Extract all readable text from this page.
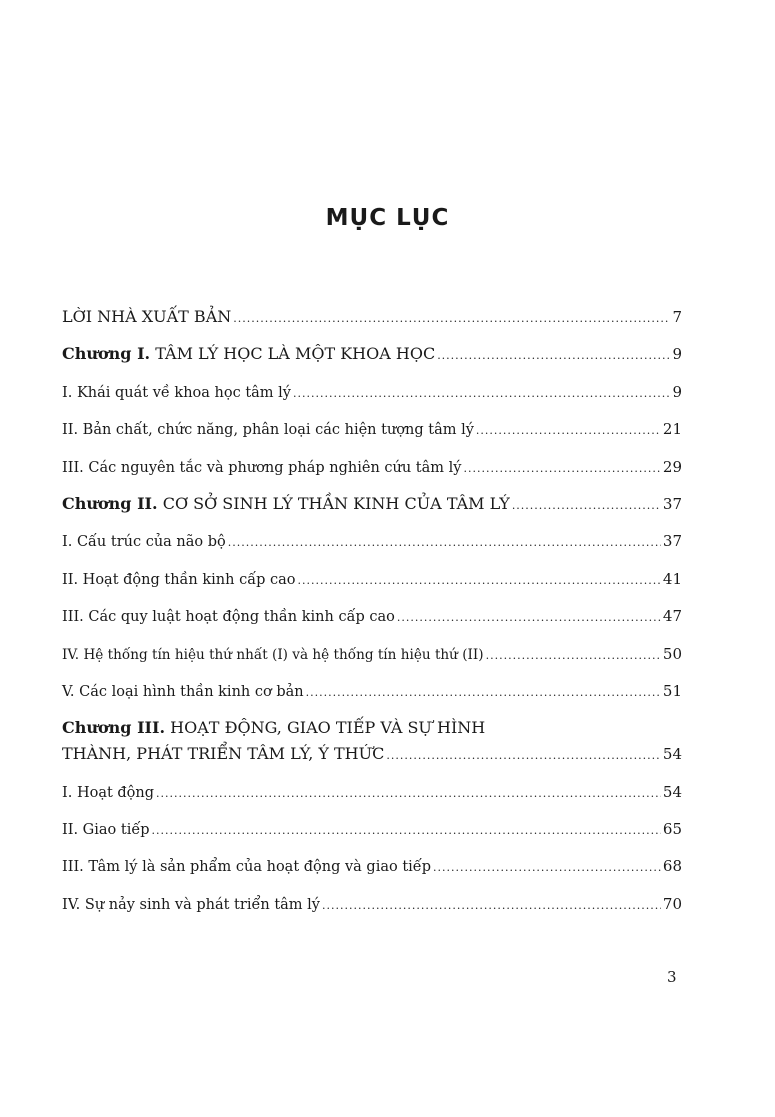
MỤC LỤC
LỜI NHÀ XUẤT BẢN .....	7
Chương I. TÂM LÝ HỌC LÀ MỘT KHOA HỌC .....	9
I. Khái quát về khoa học tâm lý .....	9
II. Bản chất, chức năng, phân loại các hiện tượng tâm lý .....	21
III. Các nguyên tắc và phương pháp nghiên cứu tâm lý .....	29
Chương II. CƠ SỞ SINH LÝ THẦN KINH CỦA TÂM LÝ .....	37
I. Cấu trúc của não bộ .....	37
II. Hoạt động thần kinh cấp cao .....	41
III. Các quy luật hoạt động thần kinh cấp cao .....	47
IV. Hệ thống tín hiệu thứ nhất (I) và hệ thống tín hiệu thứ (II) .....	50
V. Các loại hình thần kinh cơ bản .....	51
Chương III. HOẠT ĐỘNG, GIAO TIẾP VÀ SỰ HÌNH
THÀNH, PHÁT TRIỂN TÂM LÝ, Ý THỨC .....	54
I. Hoạt động .....	54
II. Giao tiếp .....	65
III. Tâm lý là sản phẩm của hoạt động và giao tiếp .....	68
IV. Sự nảy sinh và phát triển tâm lý .....	70
3
